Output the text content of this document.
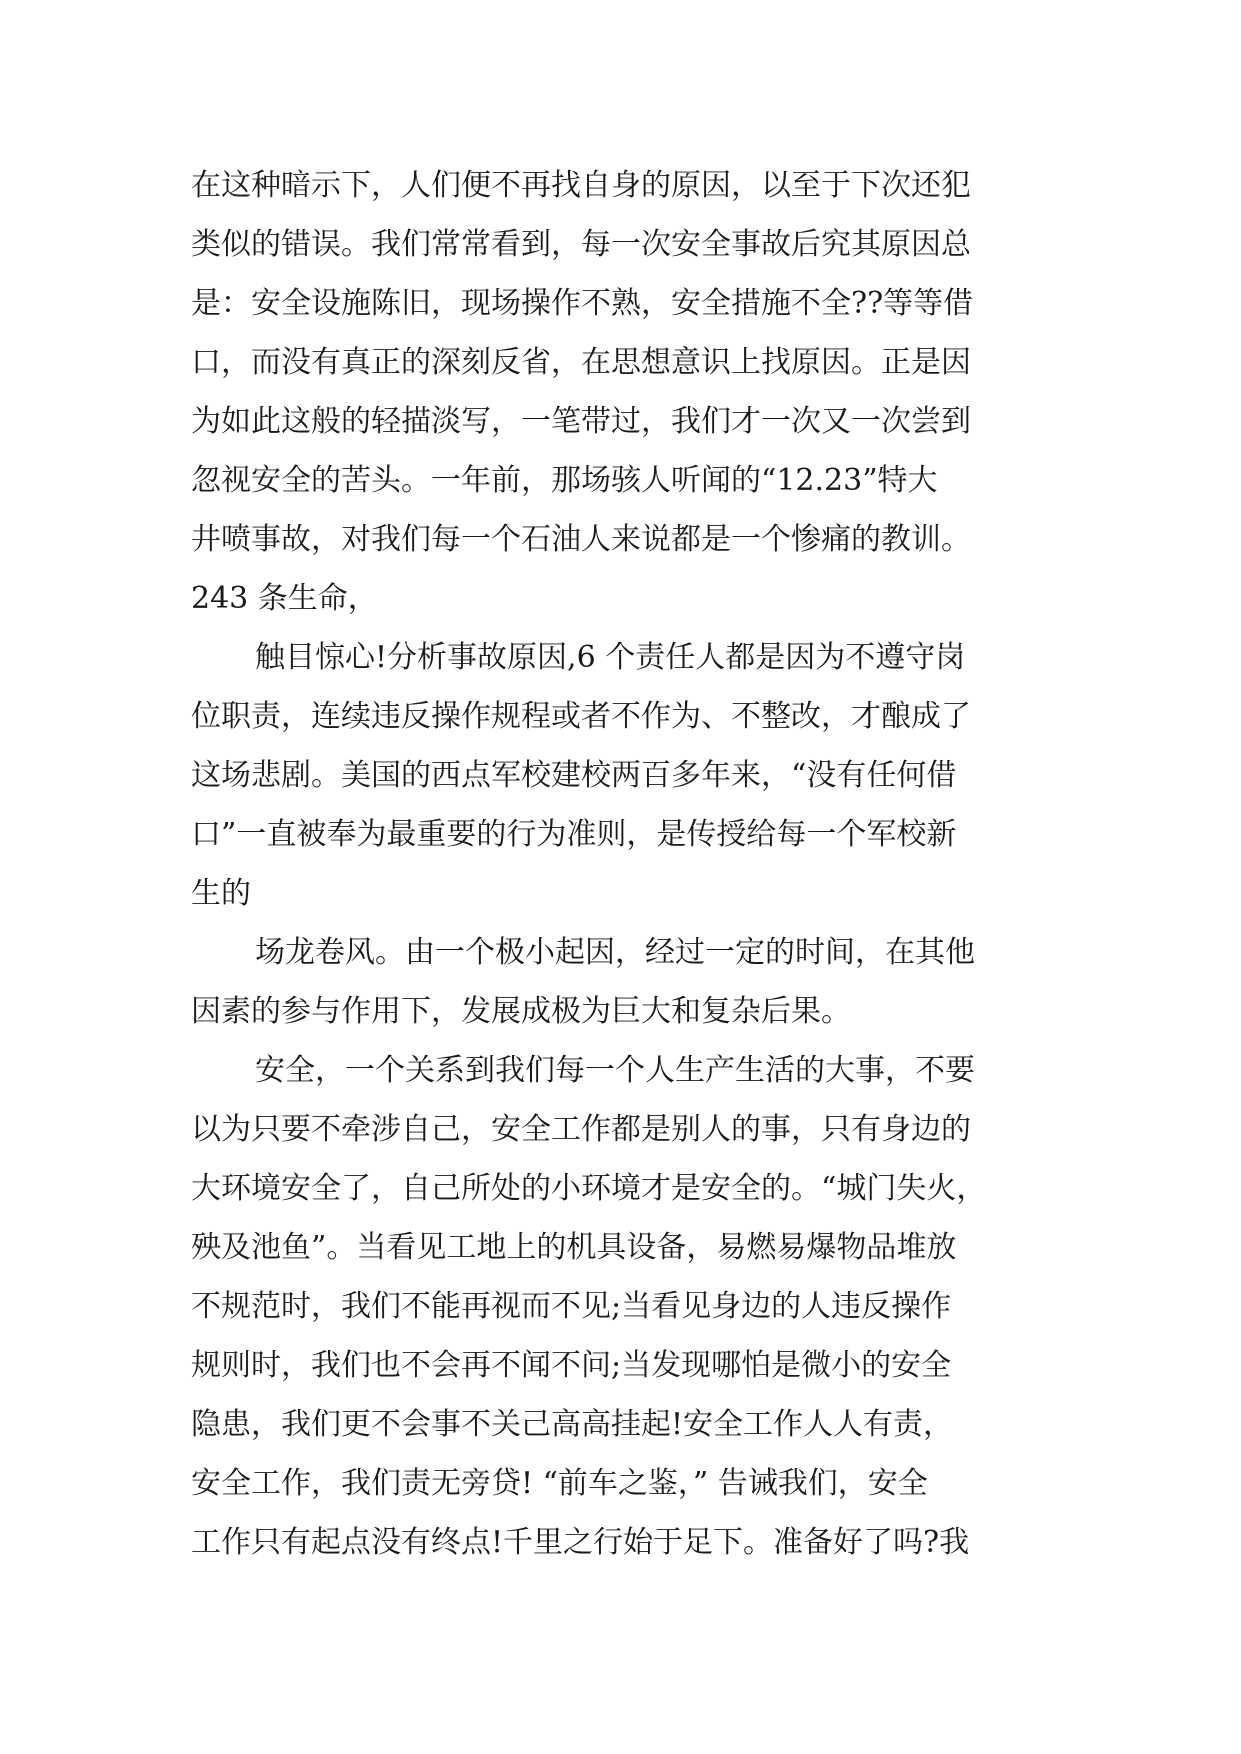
在这种暗示下，人们便不再找自身的原因，以至于下次还犯
类似的错误。我们常常看到，每一次安全事故后究其原因总
是：安全设施陈旧，现场操作不熟，安全措施不全??等等借
口，而没有真正的深刻反省，在思想意识上找原因。正是因
为如此这般的轻描淡写，一笔带过，我们才一次又一次尝到
忽视安全的苦头。一年前，那场骇人听闻的“12.23”特大
井喷事故，对我们每一个石油人来说都是一个惨痛的教训。
243 条生命，
触目惊心!分析事故原因,6 个责任人都是因为不遵守岗
位职责，连续违反操作规程或者不作为、不整改，才酿成了
这场悲剧。美国的西点军校建校两百多年来，“没有任何借
口”一直被奉为最重要的行为准则，是传授给每一个军校新
生的
场龙卷风。由一个极小起因，经过一定的时间，在其他
因素的参与作用下，发展成极为巨大和复杂后果。
安全，一个关系到我们每一个人生产生活的大事，不要
以为只要不牵涉自己，安全工作都是别人的事，只有身边的
大环境安全了，自己所处的小环境才是安全的。“城门失火，
殃及池鱼”。当看见工地上的机具设备，易燃易爆物品堆放
不规范时，我们不能再视而不见;当看见身边的人违反操作
规则时，我们也不会再不闻不问;当发现哪怕是微小的安全
隐患，我们更不会事不关己高高挂起!安全工作人人有责，
安全工作，我们责无旁贷! “前车之鉴，” 告诫我们，安全
工作只有起点没有终点!千里之行始于足下。准备好了吗?我
